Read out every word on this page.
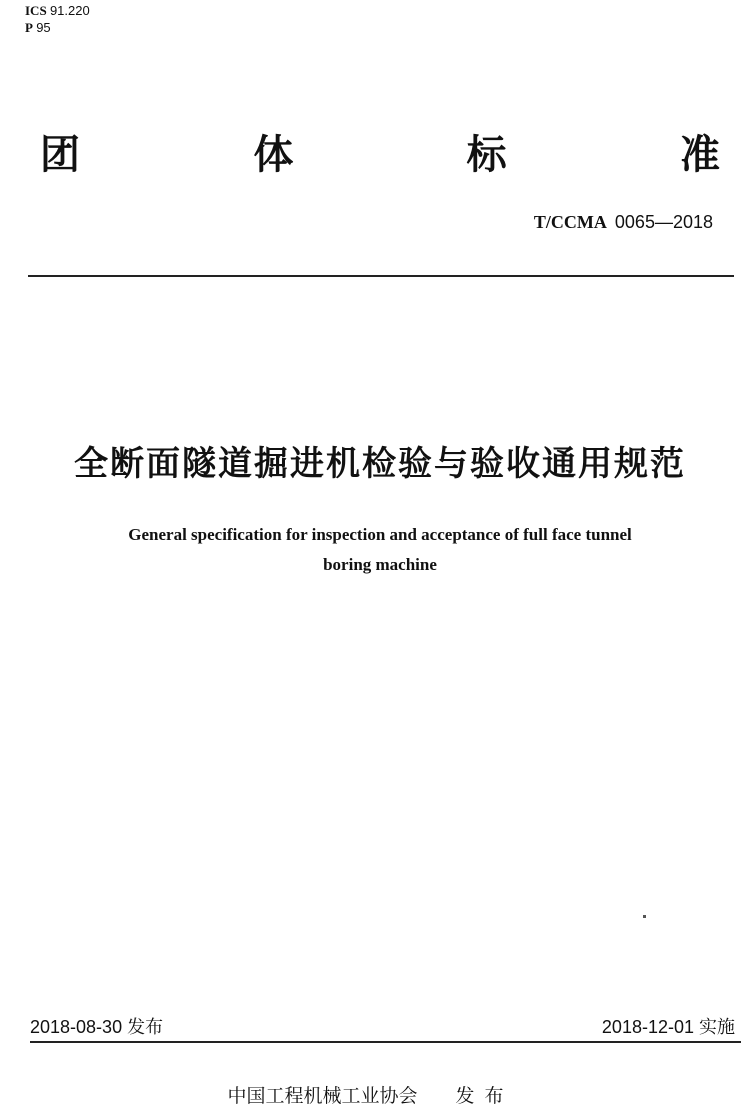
ICS 91.220
P 95
团	体	标	准
T/CCMA 0065—2018
全断面隧道掘进机检验与验收通用规范
General specification for inspection and acceptance of full face tunnel
boring machine
2018-08-30 发布	2018-12-01 实施
中国工程机械工业协会 发布
